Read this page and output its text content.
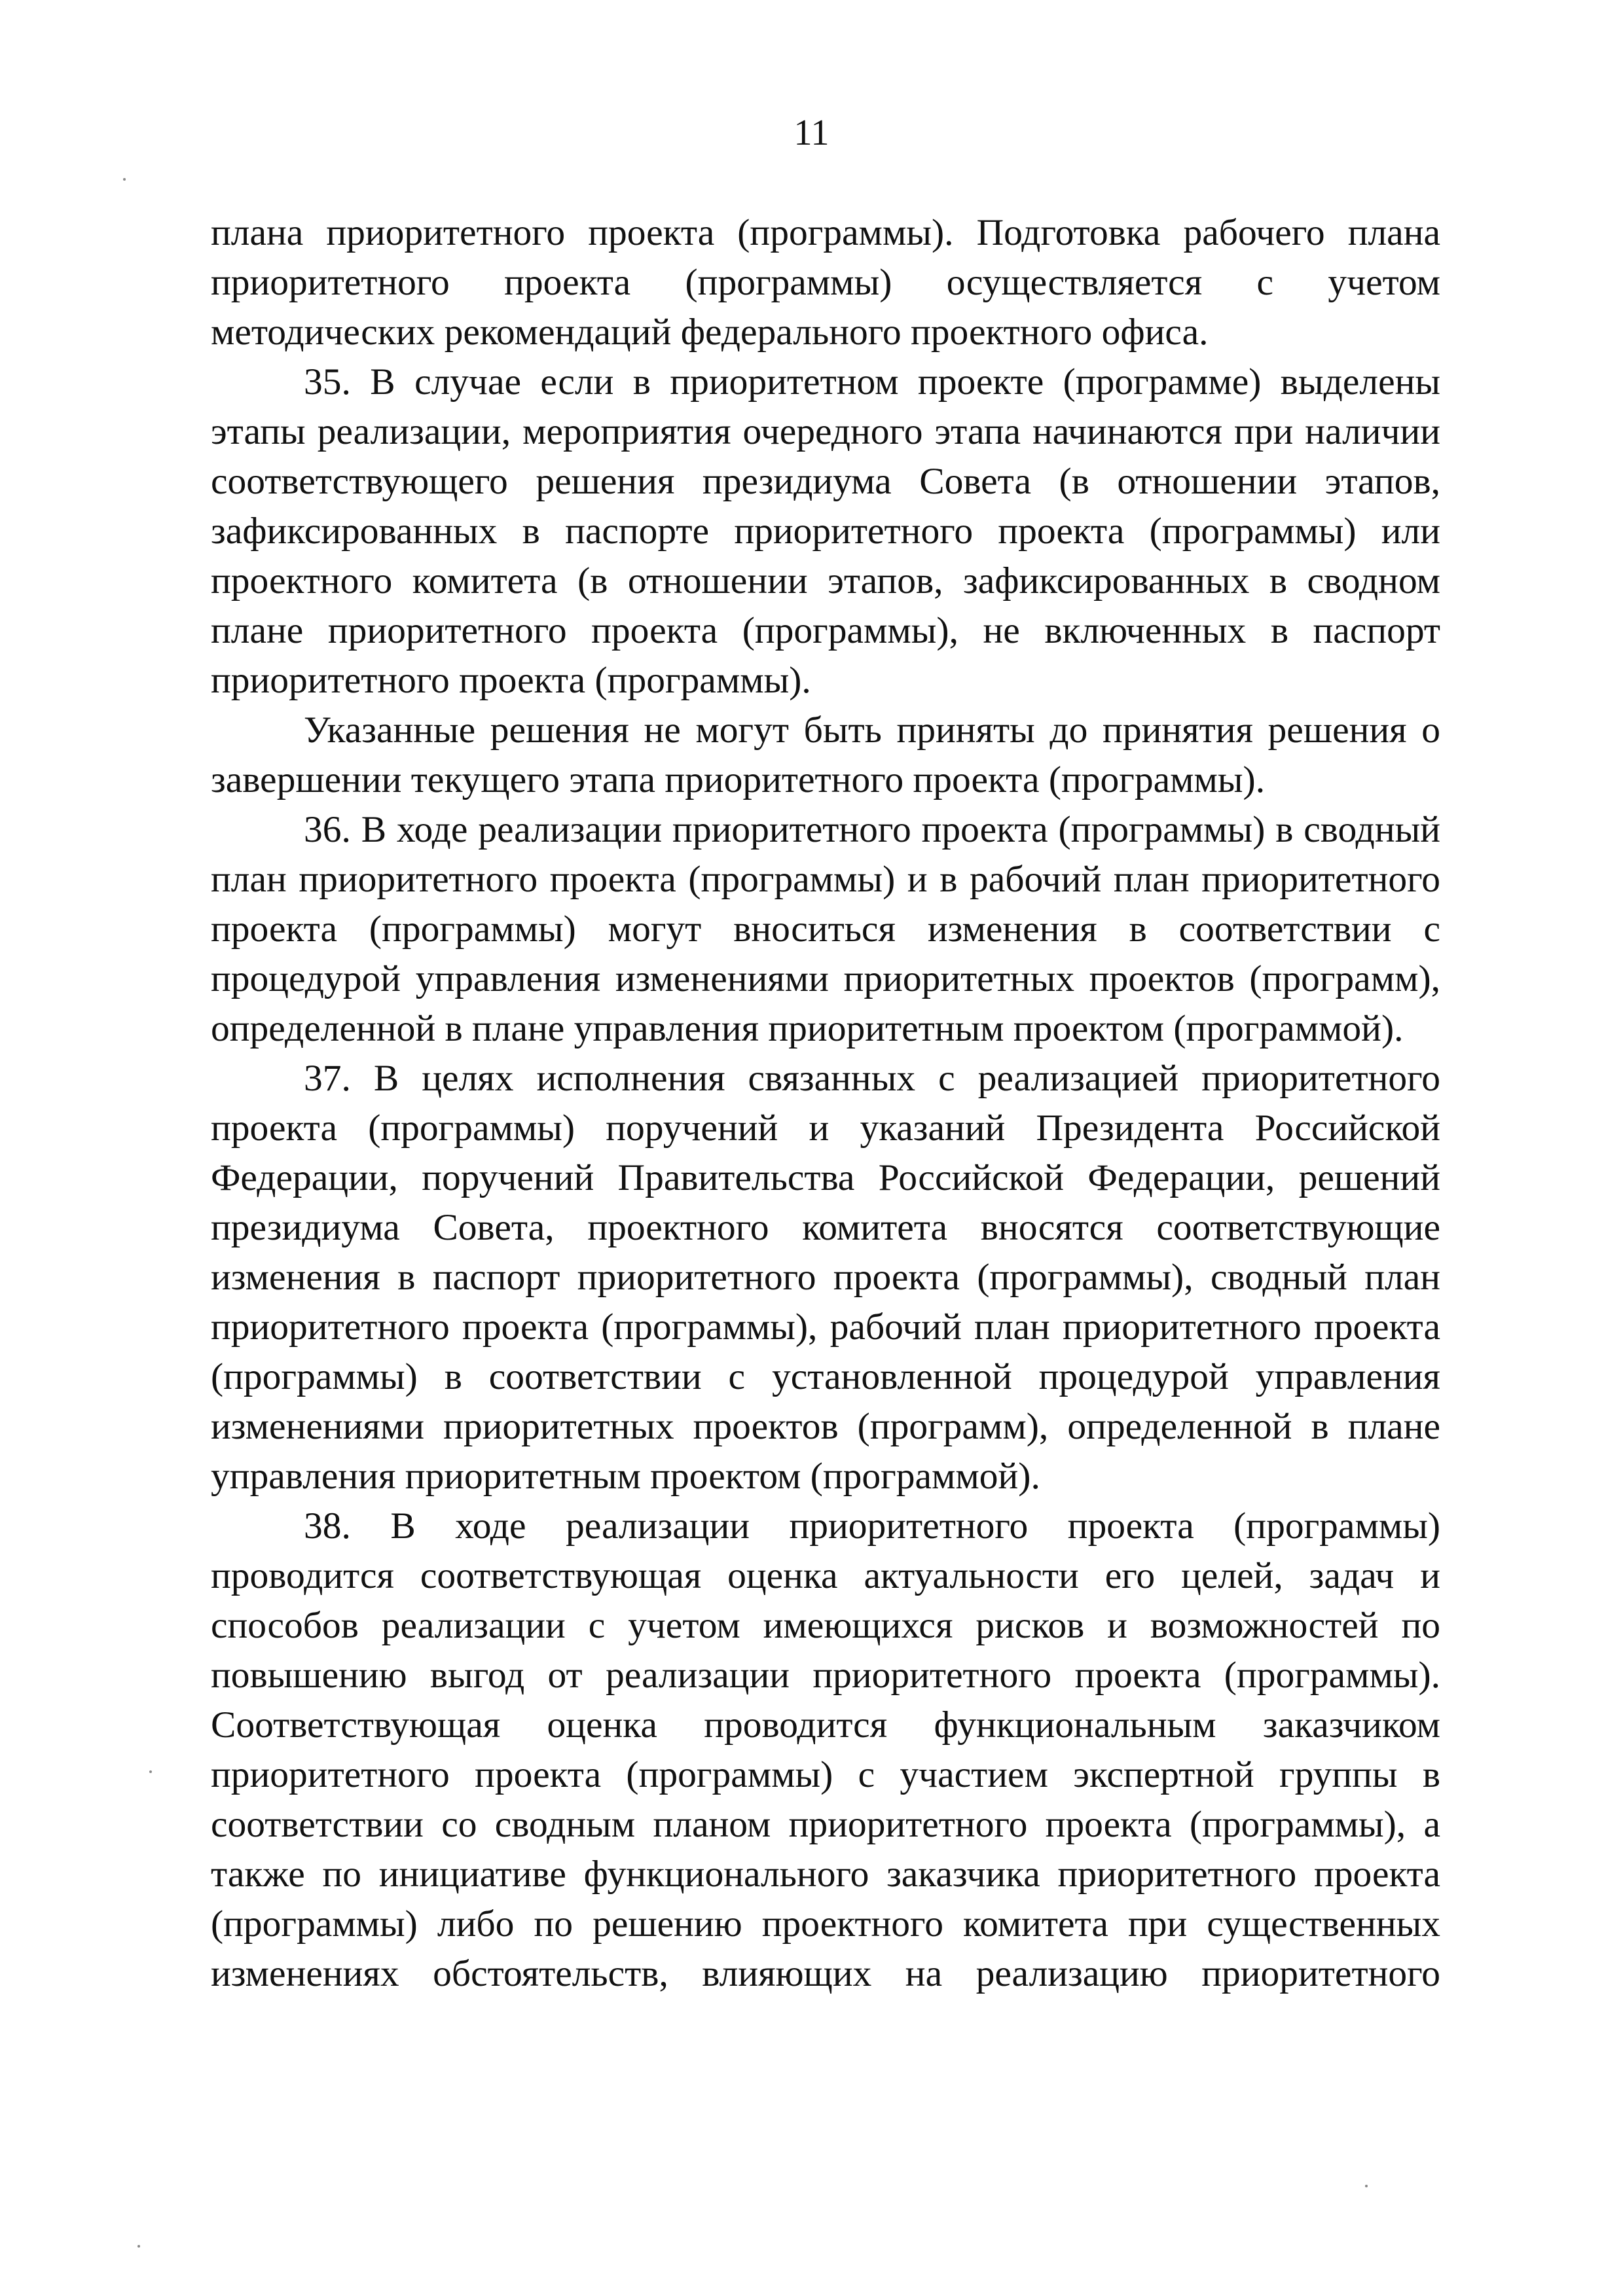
11

плана приоритетного проекта (программы). Подготовка рабочего плана приоритетного проекта (программы) осуществляется с учетом методических рекомендаций федерального проектного офиса.

35. В случае если в приоритетном проекте (программе) выделены этапы реализации, мероприятия очередного этапа начинаются при наличии соответствующего решения президиума Совета (в отношении этапов, зафиксированных в паспорте приоритетного проекта (программы) или проектного комитета (в отношении этапов, зафиксированных в сводном плане приоритетного проекта (программы), не включенных в паспорт приоритетного проекта (программы).

Указанные решения не могут быть приняты до принятия решения о завершении текущего этапа приоритетного проекта (программы).

36. В ходе реализации приоритетного проекта (программы) в сводный план приоритетного проекта (программы) и в рабочий план приоритетного проекта (программы) могут вноситься изменения в соответствии с процедурой управления изменениями приоритетных проектов (программ), определенной в плане управления приоритетным проектом (программой).

37. В целях исполнения связанных с реализацией приоритетного проекта (программы) поручений и указаний Президента Российской Федерации, поручений Правительства Российской Федерации, решений президиума Совета, проектного комитета вносятся соответствующие изменения в паспорт приоритетного проекта (программы), сводный план приоритетного проекта (программы), рабочий план приоритетного проекта (программы) в соответствии с установленной процедурой управления изменениями приоритетных проектов (программ), определенной в плане управления приоритетным проектом (программой).

38. В ходе реализации приоритетного проекта (программы) проводится соответствующая оценка актуальности его целей, задач и способов реализации с учетом имеющихся рисков и возможностей по повышению выгод от реализации приоритетного проекта (программы). Соответствующая оценка проводится функциональным заказчиком приоритетного проекта (программы) с участием экспертной группы в соответствии со сводным планом приоритетного проекта (программы), а также по инициативе функционального заказчика приоритетного проекта (программы) либо по решению проектного комитета при существенных изменениях обстоятельств, влияющих на реализацию приоритетного
